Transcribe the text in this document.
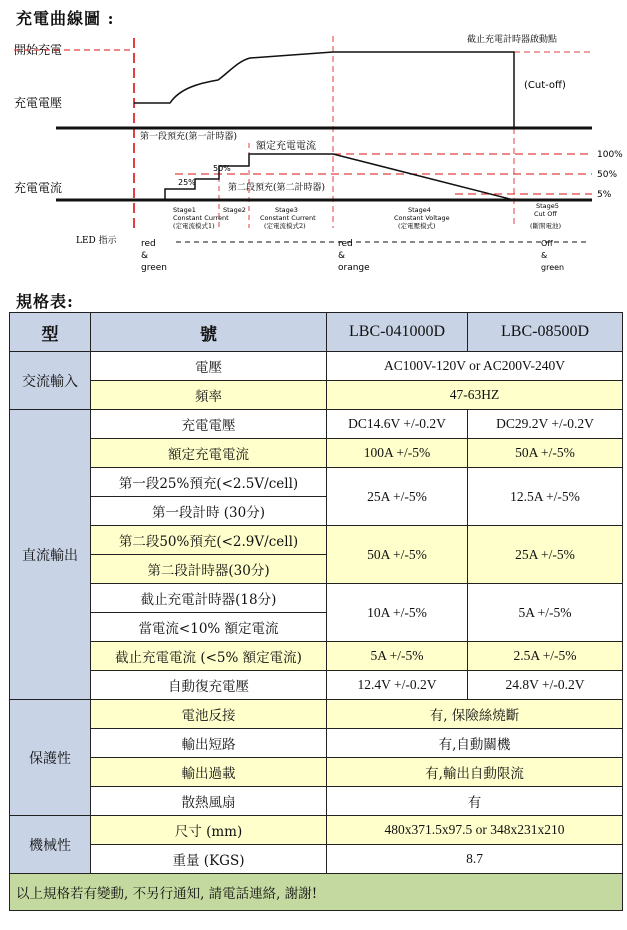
充電曲線圖 :
開始充電
充電電壓
充電電流
LED 指示
截止充電計時器啟動點
(Cut-off)
第一段預充(第一計時器)
額定充電電流
第二段預充(第二計時器)
25%
50%
100%
50%
5%
Stage1
Constant Current
(定電流模式1)
Stage2	Stage3
Constant Current
(定電流模式2)
Stage4
Constant Voltage
(定電壓模式)
Stage5
Cut Off
(斷開電池)
red
&
green
red
&
orange
Off
&
green
規格表:
型	號	LBC-041000D	LBC-08500D
交流輸入	電壓	AC100V-120V or AC200V-240V	
	頻率	47-63HZ	
直流輸出	充電電壓	DC14.6V +/-0.2V	DC29.2V +/-0.2V
	額定充電電流	100A +/-5%	50A +/-5%
	第一段25%預充(<2.5V/cell)	25A +/-5%	12.5A +/-5%
	第一段計時 (30分)		
	第二段50%預充(<2.9V/cell)	50A +/-5%	25A +/-5%
	第二段計時器(30分)		
	截止充電計時器(18分)	10A +/-5%	5A +/-5%
	當電流<10% 額定電流		
	截止充電電流 (<5% 額定電流)	5A +/-5%	2.5A +/-5%
	自動復充電壓	12.4V +/-0.2V	24.8V +/-0.2V
保護性	電池反接	有, 保險絲燒斷	
	輸出短路	有,自動關機	
	輸出過載	有,輸出自動限流	
	散熱風扇	有	
機械性	尺寸 (mm)	480x371.5x97.5 or 348x231x210	
	重量 (KGS)	8.7	
以上規格若有變動, 不另行通知, 請電話連絡, 謝謝!			
